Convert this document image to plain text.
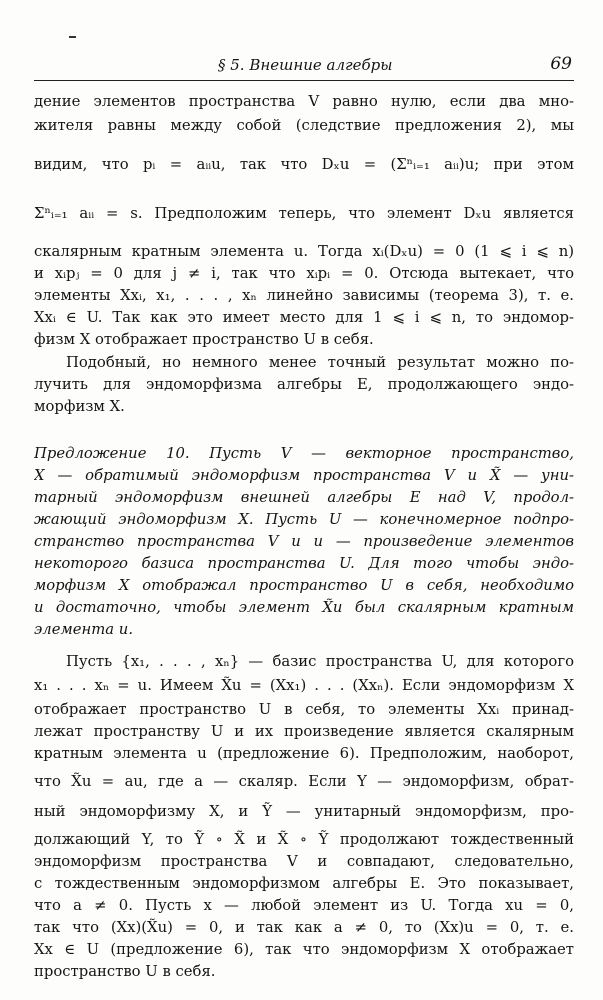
§ 5. Внешние алгебры	69
дение элементов пространства V равно нулю, если два мно-
жителя равны между собой (следствие предложения 2), мы
видим, что pᵢ = aᵢᵢu, так что Dₓu = (Σⁿᵢ₌₁ aᵢᵢ)u; при этом
Σⁿᵢ₌₁ aᵢᵢ = s. Предположим теперь, что элемент Dₓu является
скалярным кратным элемента u. Тогда xᵢ(Dₓu) = 0 (1 ⩽ i ⩽ n)
и xᵢpⱼ = 0 для j ≠ i, так что xᵢpᵢ = 0. Отсюда вытекает, что
элементы Xxᵢ, x₁, . . . , xₙ линейно зависимы (теорема 3), т. е.
Xxᵢ ∈ U. Так как это имеет место для 1 ⩽ i ⩽ n, то эндомор-
физм X отображает пространство U в себя.
Подобный, но немного менее точный результат можно по-
лучить для эндоморфизма алгебры E, продолжающего эндо-
морфизм X.
Предложение 10. Пусть V — векторное пространство,
X — обратимый эндоморфизм пространства V и X̃ — уни-
тарный эндоморфизм внешней алгебры E над V, продол-
жающий эндоморфизм X. Пусть U — конечномерное подпро-
странство пространства V и u — произведение элементов
некоторого базиса пространства U. Для того чтобы эндо-
морфизм X отображал пространство U в себя, необходимо
и достаточно, чтобы элемент X̃u был скалярным кратным
элемента u.
Пусть {x₁, . . . , xₙ} — базис пространства U, для которого
x₁ . . . xₙ = u. Имеем X̃u = (Xx₁) . . . (Xxₙ). Если эндоморфизм X
отображает пространство U в себя, то элементы Xxᵢ принад-
лежат пространству U и их произведение является скалярным
кратным элемента u (предложение 6). Предположим, наоборот,
что X̃u = au, где a — скаляр. Если Y — эндоморфизм, обрат-
ный эндоморфизму X, и Ỹ — унитарный эндоморфизм, про-
должающий Y, то Ỹ ∘ X̃ и X̃ ∘ Ỹ продолжают тождественный
эндоморфизм пространства V и совпадают, следовательно,
с тождественным эндоморфизмом алгебры E. Это показывает,
что a ≠ 0. Пусть x — любой элемент из U. Тогда xu = 0,
так что (Xx)(X̃u) = 0, и так как a ≠ 0, то (Xx)u = 0, т. е.
Xx ∈ U (предложение 6), так что эндоморфизм X отображает
пространство U в себя.
